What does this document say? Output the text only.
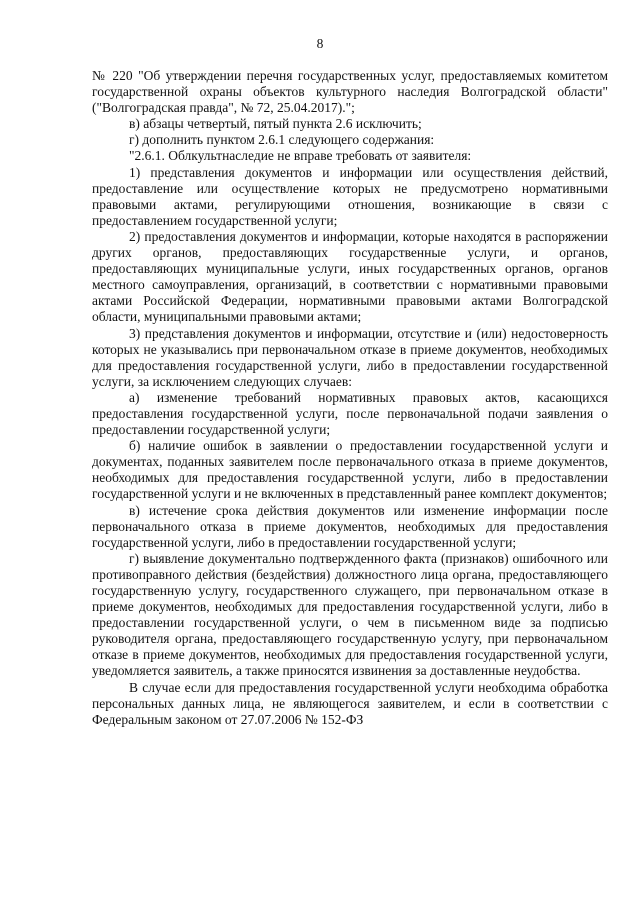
8

№ 220 "Об утверждении перечня государственных услуг, предоставляемых комитетом государственной охраны объектов культурного наследия Волгоградской области" ("Волгоградская правда", № 72, 25.04.2017).";

в) абзацы четвертый, пятый пункта 2.6 исключить;

г) дополнить пунктом 2.6.1 следующего содержания:

"2.6.1. Облкультнаследие не вправе требовать от заявителя:

1) представления документов и информации или осуществления действий, предоставление или осуществление которых не предусмотрено нормативными правовыми актами, регулирующими отношения, возникающие в связи с предоставлением государственной услуги;

2) предоставления документов и информации, которые находятся в распоряжении других органов, предоставляющих государственные услуги, и органов, предоставляющих муниципальные услуги, иных государственных органов, органов местного самоуправления, организаций, в соответствии с нормативными правовыми актами Российской Федерации, нормативными правовыми актами Волгоградской области, муниципальными правовыми актами;

3) представления документов и информации, отсутствие и (или) недостоверность которых не указывались при первоначальном отказе в приеме документов, необходимых для предоставления государственной услуги, либо в предоставлении государственной услуги, за исключением следующих случаев:

а) изменение требований нормативных правовых актов, касающихся предоставления государственной услуги, после первоначальной подачи заявления о предоставлении государственной услуги;

б) наличие ошибок в заявлении о предоставлении государственной услуги и документах, поданных заявителем после первоначального отказа в приеме документов, необходимых для предоставления государственной услуги, либо в предоставлении государственной услуги и не включенных в представленный ранее комплект документов;

в) истечение срока действия документов или изменение информации после первоначального отказа в приеме документов, необходимых для предоставления государственной услуги, либо в предоставлении государственной услуги;

г) выявление документально подтвержденного факта (признаков) ошибочного или противоправного действия (бездействия) должностного лица органа, предоставляющего государственную услугу, государственного служащего, при первоначальном отказе в приеме документов, необходимых для предоставления государственной услуги, либо в предоставлении государственной услуги, о чем в письменном виде за подписью руководителя органа, предоставляющего государственную услугу, при первоначальном отказе в приеме документов, необходимых для предоставления государственной услуги, уведомляется заявитель, а также приносятся извинения за доставленные неудобства.

В случае если для предоставления государственной услуги необходима обработка персональных данных лица, не являющегося заявителем, и если в соответствии с Федеральным законом от 27.07.2006 № 152-ФЗ
